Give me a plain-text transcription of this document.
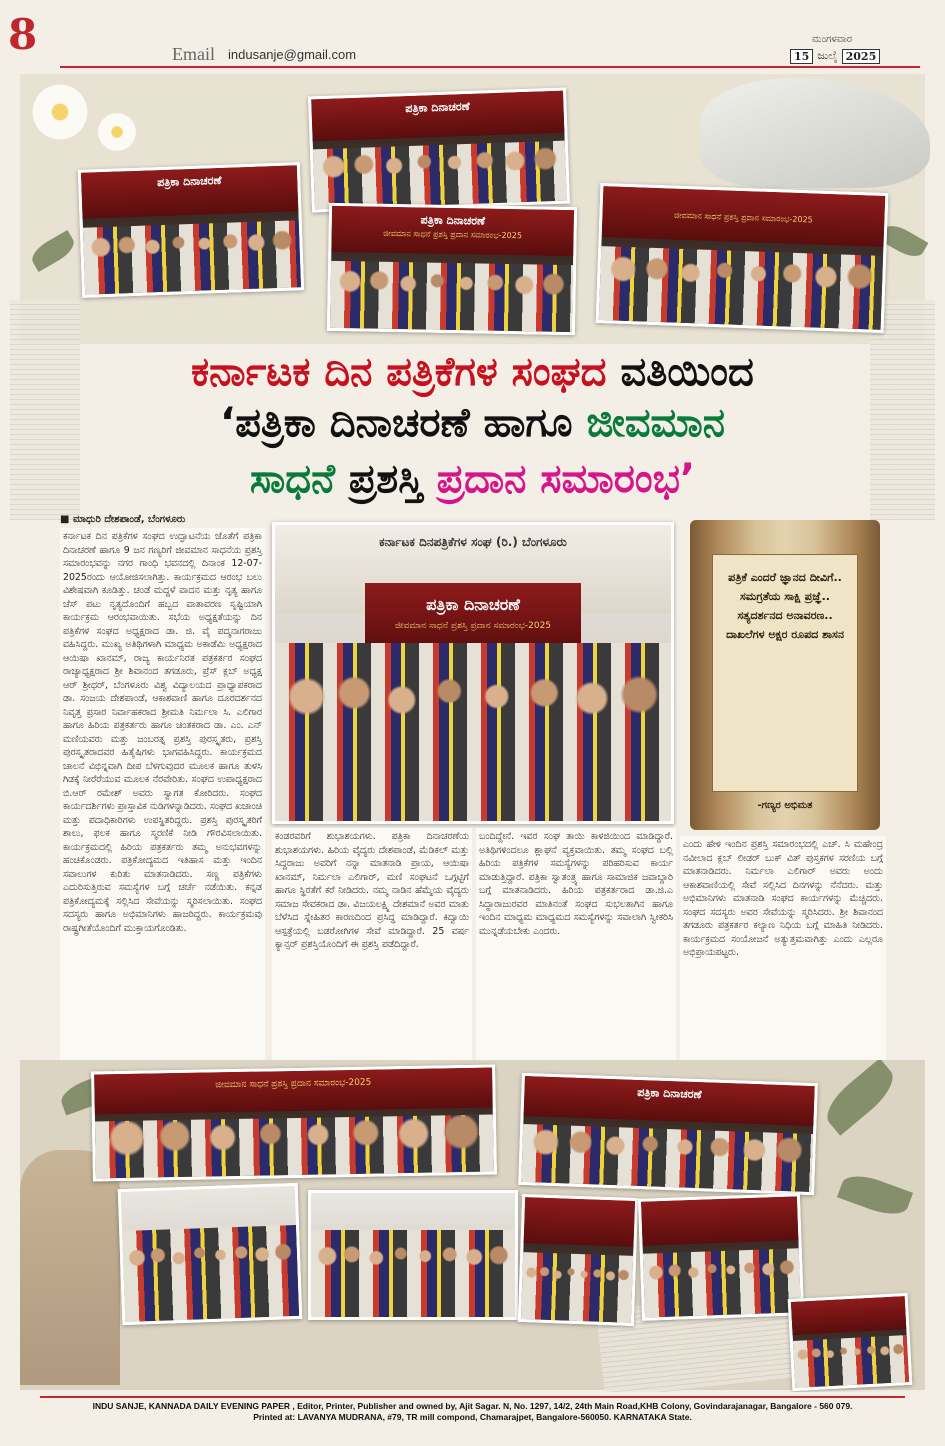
8	Email indusanje@gmail.com
ಮಂಗಳವಾರ
15 ಜುಲೈ 2025
ಪತ್ರಿಕಾ ದಿನಾಚರಣೆ
ಪತ್ರಿಕಾ ದಿನಾಚರಣೆ
ಪತ್ರಿಕಾ ದಿನಾಚರಣೆ
ಜೀವಮಾನ ಸಾಧನೆ ಪ್ರಶಸ್ತಿ ಪ್ರದಾನ ಸಮಾರಂಭ-2025
ಜೀವಮಾನ ಸಾಧನೆ ಪ್ರಶಸ್ತಿ ಪ್ರದಾನ ಸಮಾರಂಭ-2025
ಕರ್ನಾಟಕ ದಿನ ಪತ್ರಿಕೆಗಳ ಸಂಘದ ವತಿಯಿಂದ
‘ಪತ್ರಿಕಾ ದಿನಾಚರಣೆ ಹಾಗೂ ಜೀವಮಾನ
ಸಾಧನೆ ಪ್ರಶಸ್ತಿ ಪ್ರದಾನ ಸಮಾರಂಭ’
■ ಮಾಧುರಿ ದೇಶಪಾಂಡೆ, ಬೆಂಗಳೂರು
ಕರ್ನಾಟಕ ದಿನ ಪತ್ರಿಕೆಗಳ ಸಂಘದ ಉದ್ಘಾಟನೆಯ ಜೊತೆಗೆ ಪತ್ರಿಕಾ ದಿನಾಚರಣೆ ಹಾಗೂ 9 ಜನ ಗಣ್ಯರಿಗೆ ಜೀವಮಾನ ಸಾಧನೆಯ ಪ್ರಶಸ್ತಿ ಸಮಾರಂಭವನ್ನು ನಗರ ಗಾಂಧಿ ಭವನದಲ್ಲಿ ದಿನಾಂಕ 12-07-2025ರಂದು ಆಯೋಜಿಸಲಾಗಿತ್ತು. ಕಾರ್ಯಕ್ರಮದ ಆರಂಭ ಬಲು ವಿಶೇಷವಾಗಿ ಕೂಡಿತ್ತು. ಚಂಡೆ ಮದ್ದಳೆ ವಾದನ ಮತ್ತು ನೃತ್ಯ ಹಾಗೂ ಚೆಸ್ ಪಟು ನೃತ್ಯದೊಂದಿಗೆ ಹಬ್ಬದ ವಾತಾವರಣ ಸೃಷ್ಟಿಯಾಗಿ ಕಾರ್ಯಕ್ರಮ ಆರಂಭವಾಯಿತು. ಸಭೆಯ ಅಧ್ಯಕ್ಷತೆಯನ್ನು ದಿನ ಪತ್ರಿಕೆಗಳ ಸಂಘದ ಅಧ್ಯಕ್ಷರಾದ ಡಾ. ಜಿ. ವೈ ಪದ್ಮನಾಗರಾಜು ವಹಿಸಿದ್ದರು. ಮುಖ್ಯ ಅತಿಥಿಗಳಾಗಿ ಮಾಧ್ಯಮ ಅಕಾಡೆಮಿ ಅಧ್ಯಕ್ಷರಾದ ಆಯಿಷಾ ಖಾನಮ್, ರಾಜ್ಯ ಕಾರ್ಯನಿರತ ಪತ್ರಕರ್ತರ ಸಂಘದ ರಾಜ್ಯಾಧ್ಯಕ್ಷರಾದ ಶ್ರೀ ಶಿವಾನಂದ ತಗಡೂರು, ಪ್ರೆಸ್ ಕ್ಲಬ್ ಅಧ್ಯಕ್ಷ ಆರ್ ಶ್ರೀಧರ್, ಬೆಂಗಳೂರು ವಿಶ್ವ ವಿದ್ಯಾಲಯದ ಪ್ರಾಧ್ಯಾಪಕರಾದ ಡಾ. ಸಂಜಯ ದೇಶಪಾಂಡೆ, ಆಕಾಶವಾಣಿ ಹಾಗೂ ದೂರದರ್ಶನದ ನಿವೃತ್ತ ಪ್ರಸಾರ ನಿರ್ವಾಹಕರಾದ ಶ್ರೀಮತಿ ನಿರ್ಮಲಾ ಸಿ. ಎಲಿಗಾರ ಹಾಗೂ ಹಿರಿಯ ಪತ್ರಕರ್ತರು ಹಾಗೂ ಚಿಂತಕರಾದ ಡಾ. ಎಂ. ಎನ್ ಮಣಿಯವರು ಮತ್ತು ಜಂಬರತ್ನ ಪ್ರಶಸ್ತಿ ಪುರಸ್ಕೃತರು, ಪ್ರಶಸ್ತಿ ಪುರಸ್ಕೃತರಾದವರ ಹಿತೈಷಿಗಳು ಭಾಗವಹಿಸಿದ್ದರು. ಕಾರ್ಯಕ್ರಮದ ಚಾಲನೆ ವಿಭಿನ್ನವಾಗಿ ದೀಪ ಬೆಳಗುವುದರ ಮೂಲಕ ಹಾಗೂ ತುಳಸಿ ಗಿಡಕ್ಕೆ ನೀರೆರೆಯುವ ಮೂಲಕ ನೆರವೇರಿತು. ಸಂಘದ ಉಪಾಧ್ಯಕ್ಷರಾದ ಬಿ.ಆರ್ ರಮೇಶ್ ಅವರು ಸ್ವಾಗತ ಕೋರಿದರು. ಸಂಘದ ಕಾರ್ಯದರ್ಶಿಗಳು ಪ್ರಾಸ್ತಾವಿಕ ನುಡಿಗಳನ್ನಾಡಿದರು. ಸಂಘದ ಖಜಾಂಚಿ ಮತ್ತು ಪದಾಧಿಕಾರಿಗಳು ಉಪಸ್ಥಿತರಿದ್ದರು. ಪ್ರಶಸ್ತಿ ಪುರಸ್ಕೃತರಿಗೆ ಶಾಲು, ಫಲಕ ಹಾಗೂ ಸ್ಮರಣಿಕೆ ನೀಡಿ ಗೌರವಿಸಲಾಯಿತು. ಕಾರ್ಯಕ್ರಮದಲ್ಲಿ ಹಿರಿಯ ಪತ್ರಕರ್ತರು ತಮ್ಮ ಅನುಭವಗಳನ್ನು ಹಂಚಿಕೊಂಡರು. ಪತ್ರಿಕೋದ್ಯಮದ ಇತಿಹಾಸ ಮತ್ತು ಇಂದಿನ ಸವಾಲುಗಳ ಕುರಿತು ಮಾತನಾಡಿದರು. ಸಣ್ಣ ಪತ್ರಿಕೆಗಳು ಎದುರಿಸುತ್ತಿರುವ ಸಮಸ್ಯೆಗಳ ಬಗ್ಗೆ ಚರ್ಚೆ ನಡೆಯಿತು. ಕನ್ನಡ ಪತ್ರಿಕೋದ್ಯಮಕ್ಕೆ ಸಲ್ಲಿಸಿದ ಸೇವೆಯನ್ನು ಸ್ಮರಿಸಲಾಯಿತು. ಸಂಘದ ಸದಸ್ಯರು ಹಾಗೂ ಅಭಿಮಾನಿಗಳು ಹಾಜರಿದ್ದರು. ಕಾರ್ಯಕ್ರಮವು ರಾಷ್ಟ್ರಗೀತೆಯೊಂದಿಗೆ ಮುಕ್ತಾಯಗೊಂಡಿತು.
ಕರ್ನಾಟಕ ದಿನಪತ್ರಿಕೆಗಳ ಸಂಘ (ರಿ.) ಬೆಂಗಳೂರು
ಪತ್ರಿಕಾ ದಿನಾಚರಣೆ
ಜೀವಮಾನ ಸಾಧನೆ ಪ್ರಶಸ್ತಿ ಪ್ರದಾನ ಸಮಾರಂಭ-2025
ಕಂಡರವರಿಗೆ ಶುಭಾಶಯಗಳು. ಪತ್ರಿಕಾ ದಿನಾಚರಣೆಯ ಶುಭಾಶಯಗಳು. ಹಿರಿಯ ವೈದ್ಯರು ದೇಶಪಾಂಡೆ, ಮೆಡಿಕಲ್ ಮತ್ತು ಸಿದ್ದರಾಜು ಅವರಿಗೆ ನನ್ನಾ ಮಾತನಾಡಿ ಪ್ರಾಯ, ಆಯಿಷಾ ಖಾನಮ್, ನಿರ್ಮಲಾ ಎಲಿಗಾರ್, ಮಣಿ ಸಂಘಟನೆ ಒಗ್ಗಟ್ಟಿಗೆ ಹಾಗೂ ಸ್ಥಿರತೆಗೆ ಕರೆ ನೀಡಿದರು. ನಮ್ಮ ನಾಡಿನ ಹೆಮ್ಮೆಯ ವೈದ್ಯರು ಸಮಾಜ ಸೇವಕರಾದ ಡಾ. ವಿಜಯಲಕ್ಷ್ಮಿ ದೇಶಮಾನೆ ಅವರ ಮಾತು ಬೆಳೆಸಿದ ಸ್ನೇಹಿತರ ಕಾರಣದಿಂದ ಪ್ರಸಿದ್ಧ ಮಾಡಿದ್ದಾರೆ. ಕಿದ್ವಾಯಿ ಆಸ್ಪತ್ರೆಯಲ್ಲಿ ಬಡರೋಗಿಗಳ ಸೇವೆ ಮಾಡಿದ್ದಾರೆ. 25 ವರ್ಷ ಕ್ಯಾನ್ಸರ್ ಪ್ರಶಸ್ತಿಯೊಂದಿಗೆ ಈ ಪ್ರಶಸ್ತಿ ಪಡೆದಿದ್ದಾರೆ.
ಬಂದಿದ್ದೇನೆ. ಇವರ ಸಂಘ ತಾಯಿ ಕಾಳಜಿಯಿಂದ ಮಾಡಿದ್ದಾರೆ. ಅತಿಥಿಗಳಿಂದಲೂ ಶ್ಲಾಘನೆ ವ್ಯಕ್ತವಾಯಿತು. ತಮ್ಮ ಸಂಘದ ಬಲ್ಲಿ ಹಿರಿಯ ಪತ್ರಿಕೆಗಳ ಸಮಸ್ಯೆಗಳನ್ನು ಪರಿಹರಿಸುವ ಕಾರ್ಯ ಮಾಡುತ್ತಿದ್ದಾರೆ. ಪತ್ರಿಕಾ ಸ್ವಾತಂತ್ರ್ಯ ಹಾಗೂ ಸಾಮಾಜಿಕ ಜವಾಬ್ದಾರಿ ಬಗ್ಗೆ ಮಾತನಾಡಿದರು. ಹಿರಿಯ ಪತ್ರಕರ್ತರಾದ ಡಾ.ಜಿ.ಎ ಸಿದ್ಧಾರಾಜುರವರ ಮಾತಿನಂತೆ ಸಂಘದ ಸುಭಲತಾಗಿನ ಹಾಗೂ ಇಂದಿನ ಮಾಧ್ಯಮ ಮಾಧ್ಯಮದ ಸಮಸ್ಯೆಗಳನ್ನು ಸವಾಲಾಗಿ ಸ್ವೀಕರಿಸಿ ಮುನ್ನಡೆಯಬೇಕು ಎಂದರು.
ಪತ್ರಿಕೆ ಎಂದರೆ ಜ್ಞಾನದ ದೀವಿಗೆ.. ಸಮಗ್ರತೆಯ ಸಾಕ್ಷಿ ಪ್ರಜ್ಞೆ.. ಸತ್ಯದರ್ಶನದ ಅನಾವರಣ.. ದಾಖಲೆಗಳ ಅಕ್ಷರ ರೂಪದ ಶಾಸನ
-ಗಣ್ಯರ ಅಭಿಮತ
ಎಂದು ಹೇಳಿ ಇಂದಿನ ಪ್ರಶಸ್ತಿ ಸಮಾರಂಭದಲ್ಲಿ ಎಚ್. ಸಿ ಮಹೇಂದ್ರ ನವೀಲಾದ ಕ್ಲಬ್ ಲೀಡರ್ ಬುಕ್ ವಿತ್ ಪುಸ್ತಕಗಳ ಸರಣಿಯ ಬಗ್ಗೆ ಮಾತನಾಡಿದರು. ನಿರ್ಮಲಾ ಎಲಿಗಾರ್ ಅವರು ಅಂದು ಆಕಾಶವಾಣಿಯಲ್ಲಿ ಸೇವೆ ಸಲ್ಲಿಸಿದ ದಿನಗಳನ್ನು ನೆನೆದರು. ಮತ್ತು ಅಭಿಮಾನಿಗಳು ಮಾತನಾಡಿ ಸಂಘದ ಕಾರ್ಯಗಳನ್ನು ಮೆಚ್ಚಿದರು. ಸಂಘದ ಸದಸ್ಯರು ಅವರ ಸೇವೆಯನ್ನು ಸ್ಮರಿಸಿದರು. ಶ್ರೀ ಶಿವಾನಂದ ತಗಡೂರು ಪತ್ರಕರ್ತರ ಕಲ್ಯಾಣ ನಿಧಿಯ ಬಗ್ಗೆ ಮಾಹಿತಿ ನೀಡಿದರು. ಕಾರ್ಯಕ್ರಮದ ಸಂಯೋಜನೆ ಅತ್ಯುತ್ತಮವಾಗಿತ್ತು ಎಂದು ಎಲ್ಲರೂ ಅಭಿಪ್ರಾಯಪಟ್ಟರು.
ಜೀವಮಾನ ಸಾಧನೆ ಪ್ರಶಸ್ತಿ ಪ್ರದಾನ ಸಮಾರಂಭ-2025
ಪತ್ರಿಕಾ ದಿನಾಚರಣೆ
INDU SANJE, KANNADA DAILY EVENING PAPER , Editor, Printer, Publisher and owned by, Ajit Sagar. N, No. 1297, 14/2, 24th Main Road,KHB Colony, Govindarajanagar, Bangalore - 560 079.
Printed at: LAVANYA MUDRANA, #79, TR mill compond, Chamarajpet, Bangalore-560050. KARNATAKA State.
